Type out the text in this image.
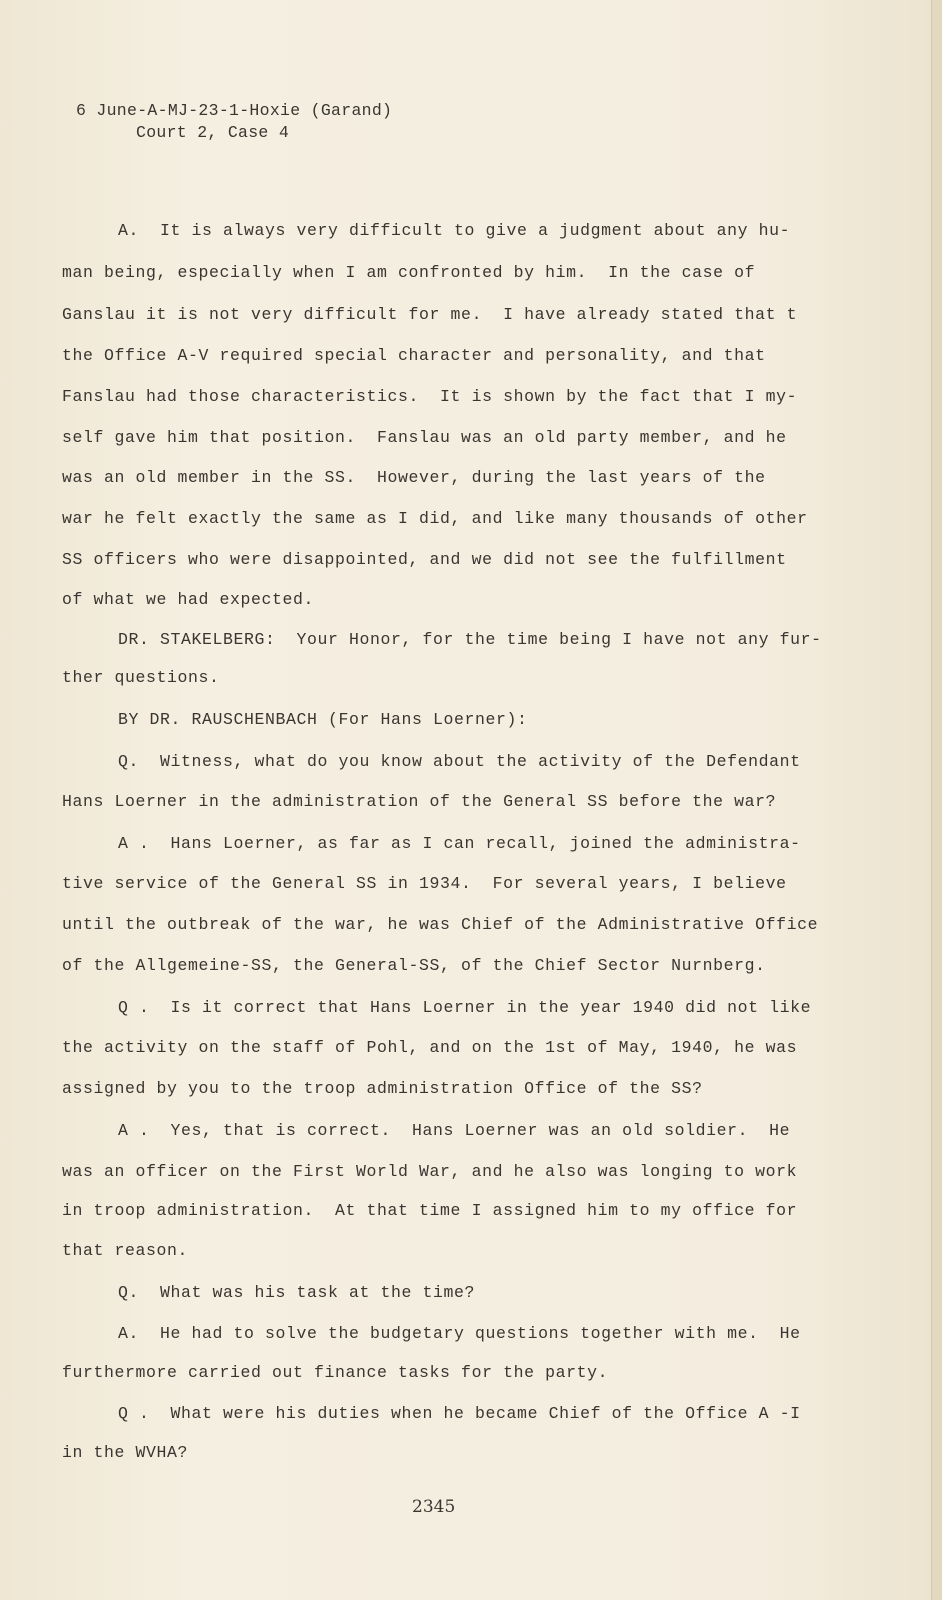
6 June-A-MJ-23-1-Hoxie (Garand)
Court 2, Case 4
A.  It is always very difficult to give a judgment about any hu-
man being, especially when I am confronted by him.  In the case of
Ganslau it is not very difficult for me.  I have already stated that t
the Office A-V required special character and personality, and that
Fanslau had those characteristics.  It is shown by the fact that I my-
self gave him that position.  Fanslau was an old party member, and he
was an old member in the SS.  However, during the last years of the
war he felt exactly the same as I did, and like many thousands of other
SS officers who were disappointed, and we did not see the fulfillment
of what we had expected.
DR. STAKELBERG:  Your Honor, for the time being I have not any fur-
ther questions.
BY DR. RAUSCHENBACH (For Hans Loerner):
Q.  Witness, what do you know about the activity of the Defendant
Hans Loerner in the administration of the General SS before the war?
A .  Hans Loerner, as far as I can recall, joined the administra-
tive service of the General SS in 1934.  For several years, I believe
until the outbreak of the war, he was Chief of the Administrative Office
of the Allgemeine-SS, the General-SS, of the Chief Sector Nurnberg.
Q .  Is it correct that Hans Loerner in the year 1940 did not like
the activity on the staff of Pohl, and on the 1st of May, 1940, he was
assigned by you to the troop administration Office of the SS?
A .  Yes, that is correct.  Hans Loerner was an old soldier.  He
was an officer on the First World War, and he also was longing to work
in troop administration.  At that time I assigned him to my office for
that reason.
Q.  What was his task at the time?
A.  He had to solve the budgetary questions together with me.  He
furthermore carried out finance tasks for the party.
Q .  What were his duties when he became Chief of the Office A -I
in the WVHA?
2345
